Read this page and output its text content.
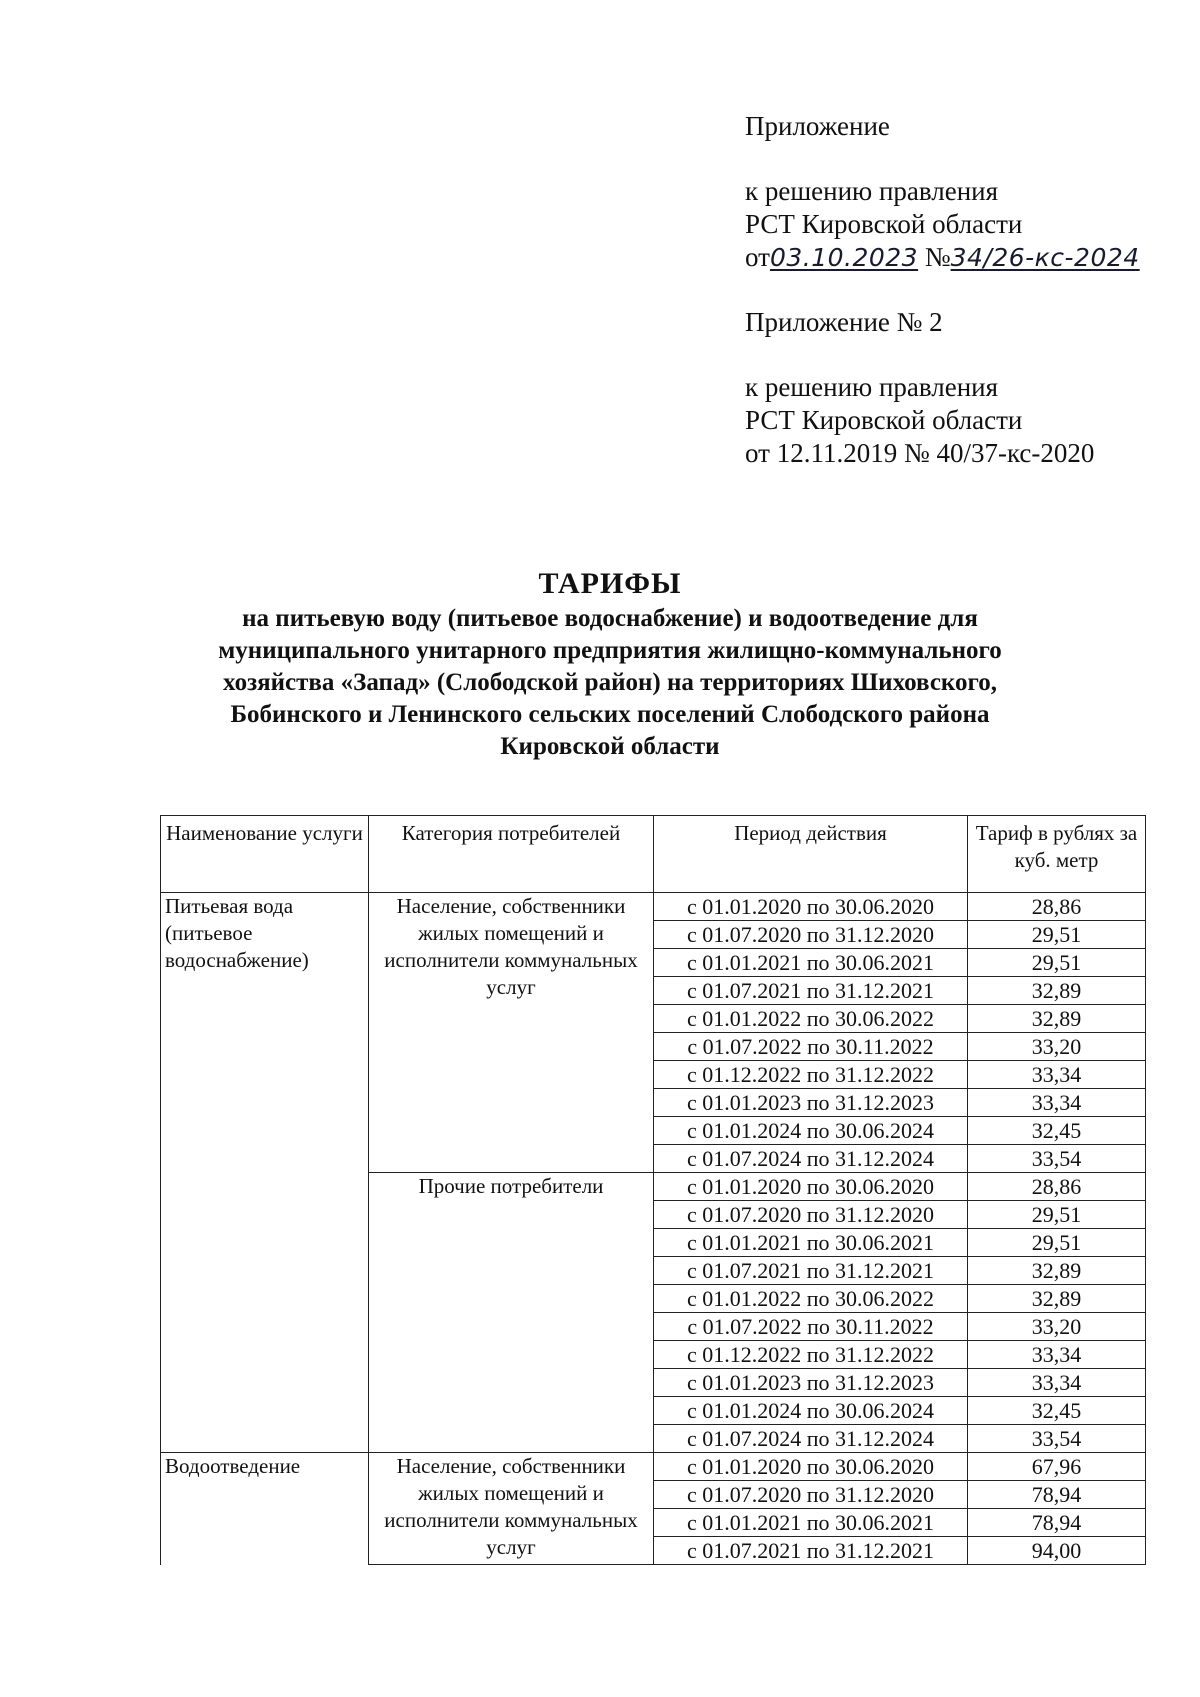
Приложение

к решению правления

РСТ Кировской области

от03.10.2023 №34/26-кс-2024

Приложение № 2

к решению правления

РСТ Кировской области

от 12.11.2019 № 40/37-кс-2020

ТАРИФЫ

на питьевую воду (питьевое водоснабжение) и водоотведение для

муниципального унитарного предприятия жилищно-коммунального

хозяйства «Запад» (Слободской район) на территориях Шиховского,

Бобинского и Ленинского сельских поселений Слободского района

Кировской области

Наименование услуги	Категория потребителей	Период действия	Тариф в рублях за куб. метр
Питьевая вода (питьевое водоснабжение)	Население, собственники жилых помещений и исполнители коммунальных услуг	с 01.01.2020 по 30.06.2020	28,86
		с 01.07.2020 по 31.12.2020	29,51
		с 01.01.2021 по 30.06.2021	29,51
		с 01.07.2021 по 31.12.2021	32,89
		с 01.01.2022 по 30.06.2022	32,89
		с 01.07.2022 по 30.11.2022	33,20
		с 01.12.2022 по 31.12.2022	33,34
		с 01.01.2023 по 31.12.2023	33,34
		с 01.01.2024 по 30.06.2024	32,45
		с 01.07.2024 по 31.12.2024	33,54
	Прочие потребители	с 01.01.2020 по 30.06.2020	28,86
		с 01.07.2020 по 31.12.2020	29,51
		с 01.01.2021 по 30.06.2021	29,51
		с 01.07.2021 по 31.12.2021	32,89
		с 01.01.2022 по 30.06.2022	32,89
		с 01.07.2022 по 30.11.2022	33,20
		с 01.12.2022 по 31.12.2022	33,34
		с 01.01.2023 по 31.12.2023	33,34
		с 01.01.2024 по 30.06.2024	32,45
		с 01.07.2024 по 31.12.2024	33,54
Водоотведение	Население, собственники жилых помещений и исполнители коммунальных услуг	с 01.01.2020 по 30.06.2020	67,96
		с 01.07.2020 по 31.12.2020	78,94
		с 01.01.2021 по 30.06.2021	78,94
		с 01.07.2021 по 31.12.2021	94,00
